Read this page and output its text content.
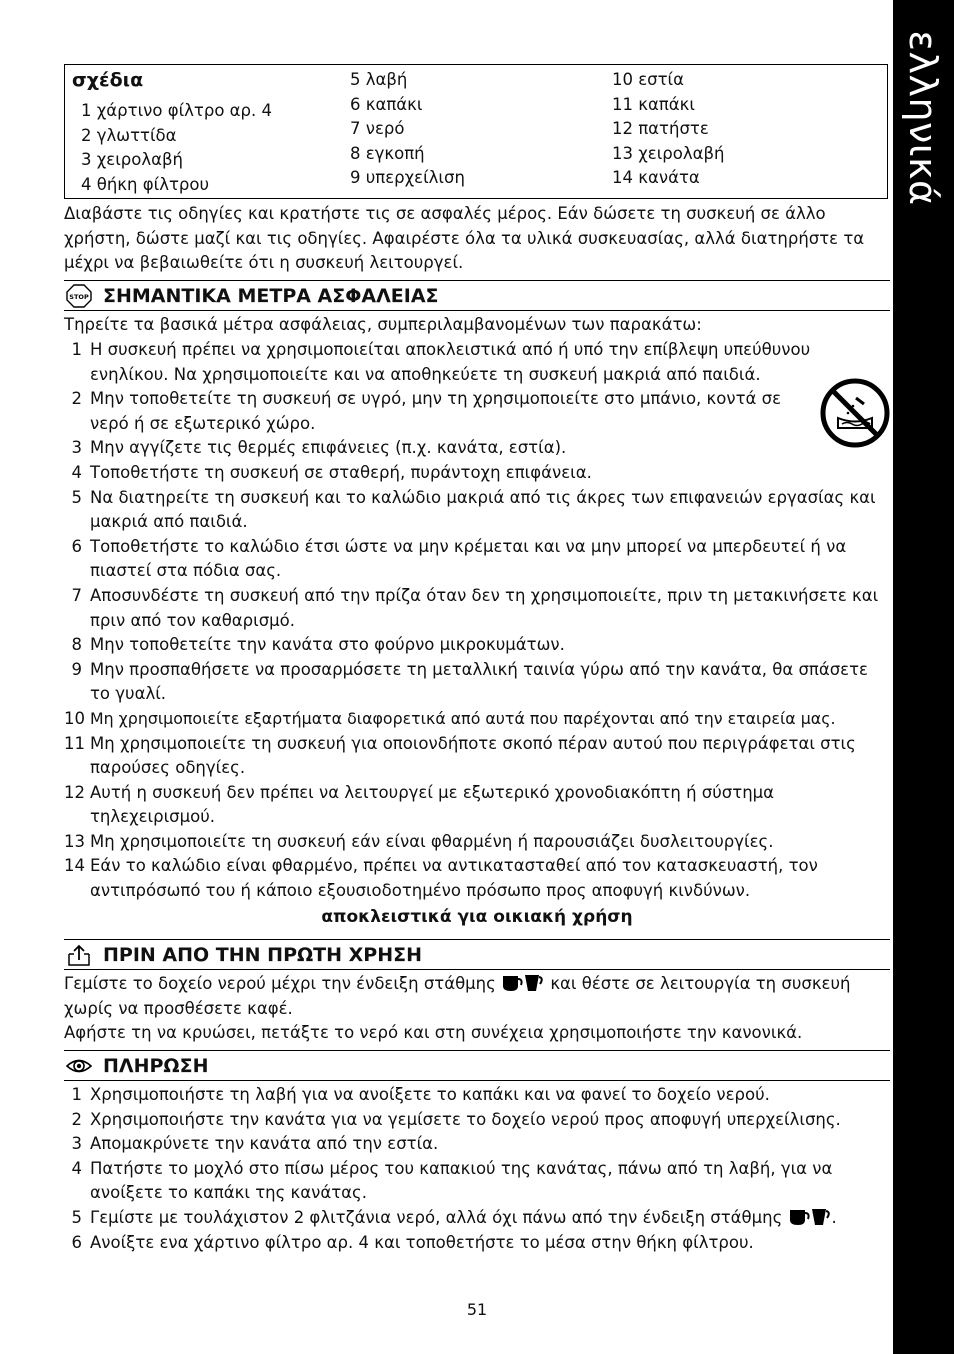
ελληνικά
σχέδια
1 χάρτινο φίλτρο αρ. 4
2 γλωττίδα
3 χειρολαβή
4 θήκη φίλτρου
5 λαβή
6 καπάκι
7 νερό
8 εγκοπή
9 υπερχείλιση
10 εστία
11 καπάκι
12 πατήστε
13 χειρολαβή
14 κανάτα

Διαβάστε τις οδηγίες και κρατήστε τις σε ασφαλές μέρος. Εάν δώσετε τη συσκευή σε άλλο χρήστη, δώστε μαζί και τις οδηγίες. Αφαιρέστε όλα τα υλικά συσκευασίας, αλλά διατηρήστε τα μέχρι να βεβαιωθείτε ότι η συσκευή λειτουργεί.

STOP ΣΗΜΑΝΤΙΚΑ ΜΕΤΡΑ ΑΣΦΑΛΕΙΑΣ

Τηρείτε τα βασικά μέτρα ασφάλειας, συμπεριλαμβανομένων των παρακάτω:

1 Η συσκευή πρέπει να χρησιμοποιείται αποκλειστικά από ή υπό την επίβλεψη υπεύθυνου ενηλίκου. Να χρησιμοποιείτε και να αποθηκεύετε τη συσκευή μακριά από παιδιά.
2 Μην τοποθετείτε τη συσκευή σε υγρό, μην τη χρησιμοποιείτε στο μπάνιο, κοντά σε νερό ή σε εξωτερικό χώρο.
3 Μην αγγίζετε τις θερμές επιφάνειες (π.χ. κανάτα, εστία).
4 Τοποθετήστε τη συσκευή σε σταθερή, πυράντοχη επιφάνεια.
5 Να διατηρείτε τη συσκευή και το καλώδιο μακριά από τις άκρες των επιφανειών εργασίας και μακριά από παιδιά.
6 Τοποθετήστε το καλώδιο έτσι ώστε να μην κρέμεται και να μην μπορεί να μπερδευτεί ή να πιαστεί στα πόδια σας.
7 Αποσυνδέστε τη συσκευή από την πρίζα όταν δεν τη χρησιμοποιείτε, πριν τη μετακινήσετε και πριν από τον καθαρισμό.
8 Μην τοποθετείτε την κανάτα στο φούρνο μικροκυμάτων.
9 Μην προσπαθήσετε να προσαρμόσετε τη μεταλλική ταινία γύρω από την κανάτα, θα σπάσετε το γυαλί.
10 Μη χρησιμοποιείτε εξαρτήματα διαφορετικά από αυτά που παρέχονται από την εταιρεία μας.
11 Μη χρησιμοποιείτε τη συσκευή για οποιονδήποτε σκοπό πέραν αυτού που περιγράφεται στις παρούσες οδηγίες.
12 Αυτή η συσκευή δεν πρέπει να λειτουργεί με εξωτερικό χρονοδιακόπτη ή σύστημα τηλεχειρισμού.
13 Μη χρησιμοποιείτε τη συσκευή εάν είναι φθαρμένη ή παρουσιάζει δυσλειτουργίες.
14 Εάν το καλώδιο είναι φθαρμένο, πρέπει να αντικατασταθεί από τον κατασκευαστή, τον αντιπρόσωπό του ή κάποιο εξουσιοδοτημένο πρόσωπο προς αποφυγή κινδύνων.
αποκλειστικά για οικιακή χρήση
ΠΡΙΝ ΑΠΟ ΤΗΝ ΠΡΩΤΗ ΧΡΗΣΗ

Γεμίστε το δοχείο νερού μέχρι την ένδειξη στάθμης	και θέστε σε λειτουργία τη συσκευή χωρίς να προσθέσετε καφέ.

Αφήστε τη να κρυώσει, πετάξτε το νερό και στη συνέχεια χρησιμοποιήστε την κανονικά.

ΠΛΗΡΩΣΗ
1 Χρησιμοποιήστε τη λαβή για να ανοίξετε το καπάκι και να φανεί το δοχείο νερού.
2 Χρησιμοποιήστε την κανάτα για να γεμίσετε το δοχείο νερού προς αποφυγή υπερχείλισης.
3 Απομακρύνετε την κανάτα από την εστία.
4 Πατήστε το μοχλό στο πίσω μέρος του καπακιού της κανάτας, πάνω από τη λαβή, για να ανοίξετε το καπάκι της κανάτας.
5 Γεμίστε με τουλάχιστον 2 φλιτζάνια νερό, αλλά όχι πάνω από την ένδειξη στάθμης	.
6 Ανοίξτε ενα χάρτινο φίλτρο αρ. 4 και τοποθετήστε το μέσα στην θήκη φίλτρου.
51
